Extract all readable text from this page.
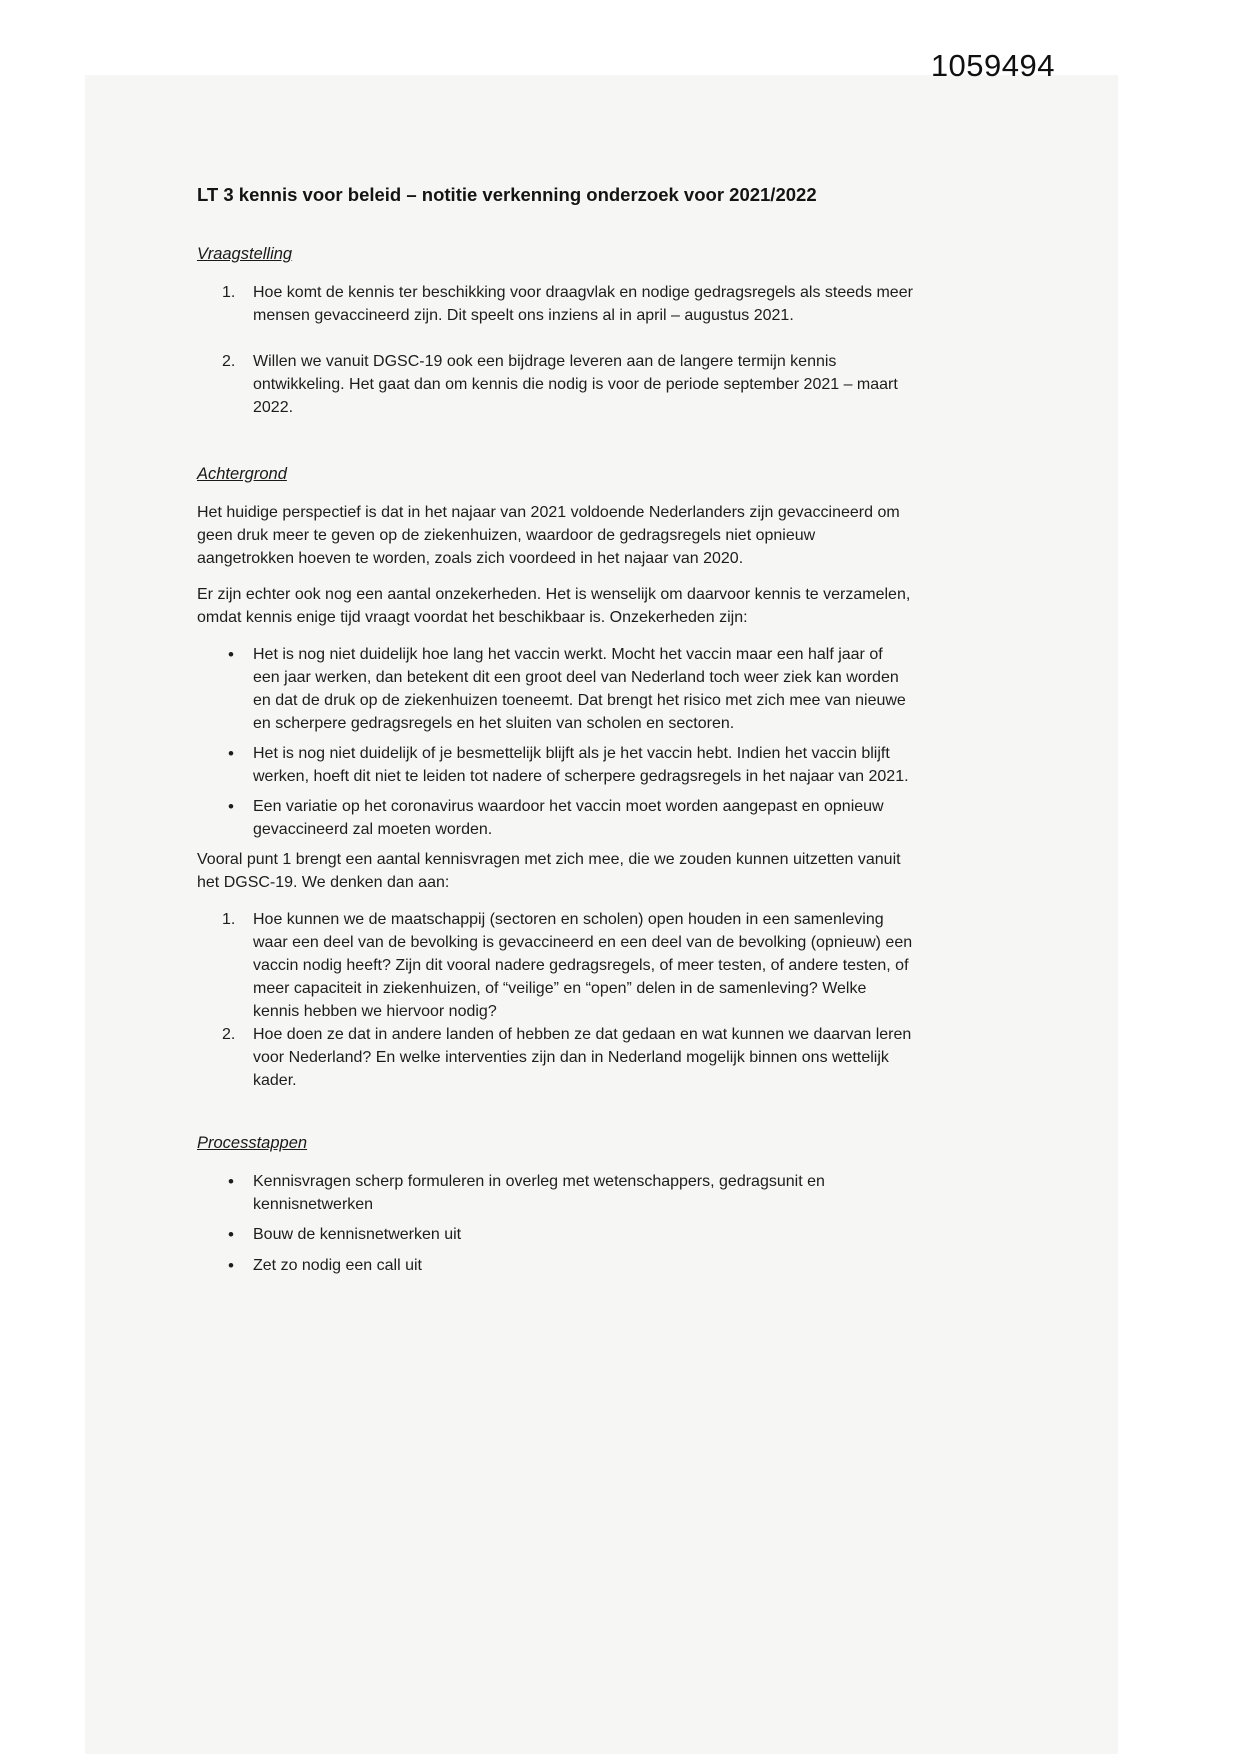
1059494
LT 3 kennis voor beleid – notitie verkenning onderzoek voor 2021/2022
Vraagstelling
1.	Hoe komt de kennis ter beschikking voor draagvlak en nodige gedragsregels als steeds meer mensen gevaccineerd zijn. Dit speelt ons inziens al in april – augustus 2021.
2.	Willen we vanuit DGSC-19 ook een bijdrage leveren aan de langere termijn kennis ontwikkeling. Het gaat dan om kennis die nodig is voor de periode september 2021 – maart 2022.
Achtergrond

Het huidige perspectief is dat in het najaar van 2021 voldoende Nederlanders zijn gevaccineerd om geen druk meer te geven op de ziekenhuizen, waardoor de gedragsregels niet opnieuw aangetrokken hoeven te worden, zoals zich voordeed in het najaar van 2020.

Er zijn echter ook nog een aantal onzekerheden. Het is wenselijk om daarvoor kennis te verzamelen, omdat kennis enige tijd vraagt voordat het beschikbaar is. Onzekerheden zijn:

•
Het is nog niet duidelijk hoe lang het vaccin werkt. Mocht het vaccin maar een half jaar of een jaar werken, dan betekent dit een groot deel van Nederland toch weer ziek kan worden en dat de druk op de ziekenhuizen toeneemt. Dat brengt het risico met zich mee van nieuwe en scherpere gedragsregels en het sluiten van scholen en sectoren.
•
Het is nog niet duidelijk of je besmettelijk blijft als je het vaccin hebt. Indien het vaccin blijft werken, hoeft dit niet te leiden tot nadere of scherpere gedragsregels in het najaar van 2021.
•
Een variatie op het coronavirus waardoor het vaccin moet worden aangepast en opnieuw gevaccineerd zal moeten worden.

Vooral punt 1 brengt een aantal kennisvragen met zich mee, die we zouden kunnen uitzetten vanuit het DGSC-19. We denken dan aan:

1.	Hoe kunnen we de maatschappij (sectoren en scholen) open houden in een samenleving waar een deel van de bevolking is gevaccineerd en een deel van de bevolking (opnieuw) een vaccin nodig heeft? Zijn dit vooral nadere gedragsregels, of meer testen, of andere testen, of meer capaciteit in ziekenhuizen, of “veilige” en “open” delen in de samenleving? Welke kennis hebben we hiervoor nodig?
2.	Hoe doen ze dat in andere landen of hebben ze dat gedaan en wat kunnen we daarvan leren voor Nederland? En welke interventies zijn dan in Nederland mogelijk binnen ons wettelijk kader.
Processtappen
•
Kennisvragen scherp formuleren in overleg met wetenschappers, gedragsunit en kennisnetwerken
•
Bouw de kennisnetwerken uit
•
Zet zo nodig een call uit
